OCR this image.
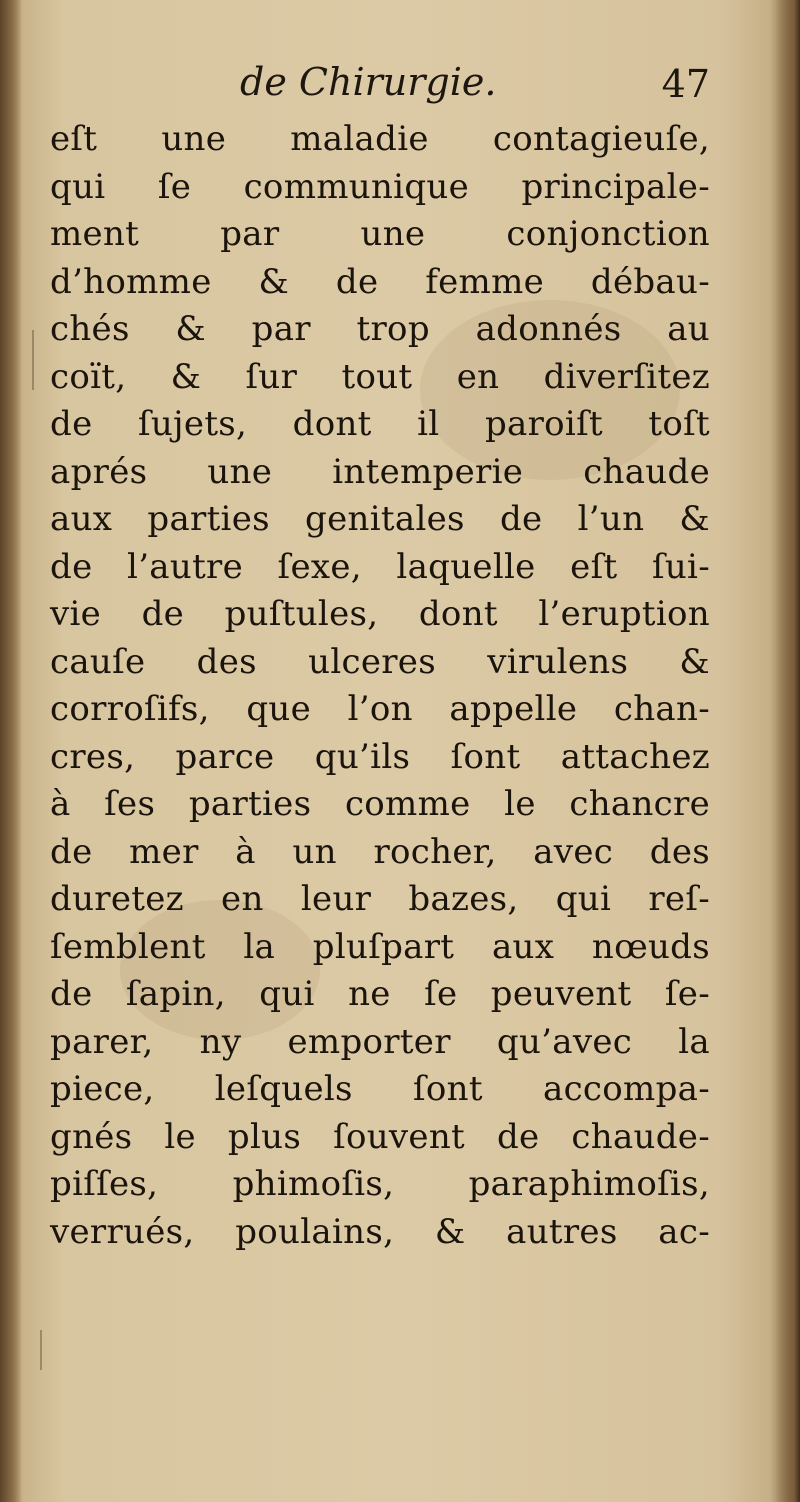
de Chirurgie.	47
eſt une maladie contagieuſe,
qui ſe communique principale-
ment par une conjonction
d’homme & de femme débau-
chés & par trop adonnés au
coït, & ſur tout en diverſitez
de ſujets, dont il paroiſt toſt
aprés une intemperie chaude
aux parties genitales de l’un &
de l’autre ſexe, laquelle eſt ſui-
vie de puſtules, dont l’eruption
cauſe des ulceres virulens &
corroſifs, que l’on appelle chan-
cres, parce qu’ils ſont attachez
à ſes parties comme le chancre
de mer à un rocher, avec des
duretez en leur bazes, qui reſ-
ſemblent la pluſpart aux nœuds
de ſapin, qui ne ſe peuvent ſe-
parer, ny emporter qu’avec la
piece, leſquels ſont accompa-
gnés le plus ſouvent de chaude-
piſſes, phimoſis, paraphimoſis,
verrués, poulains, & autres ac-
